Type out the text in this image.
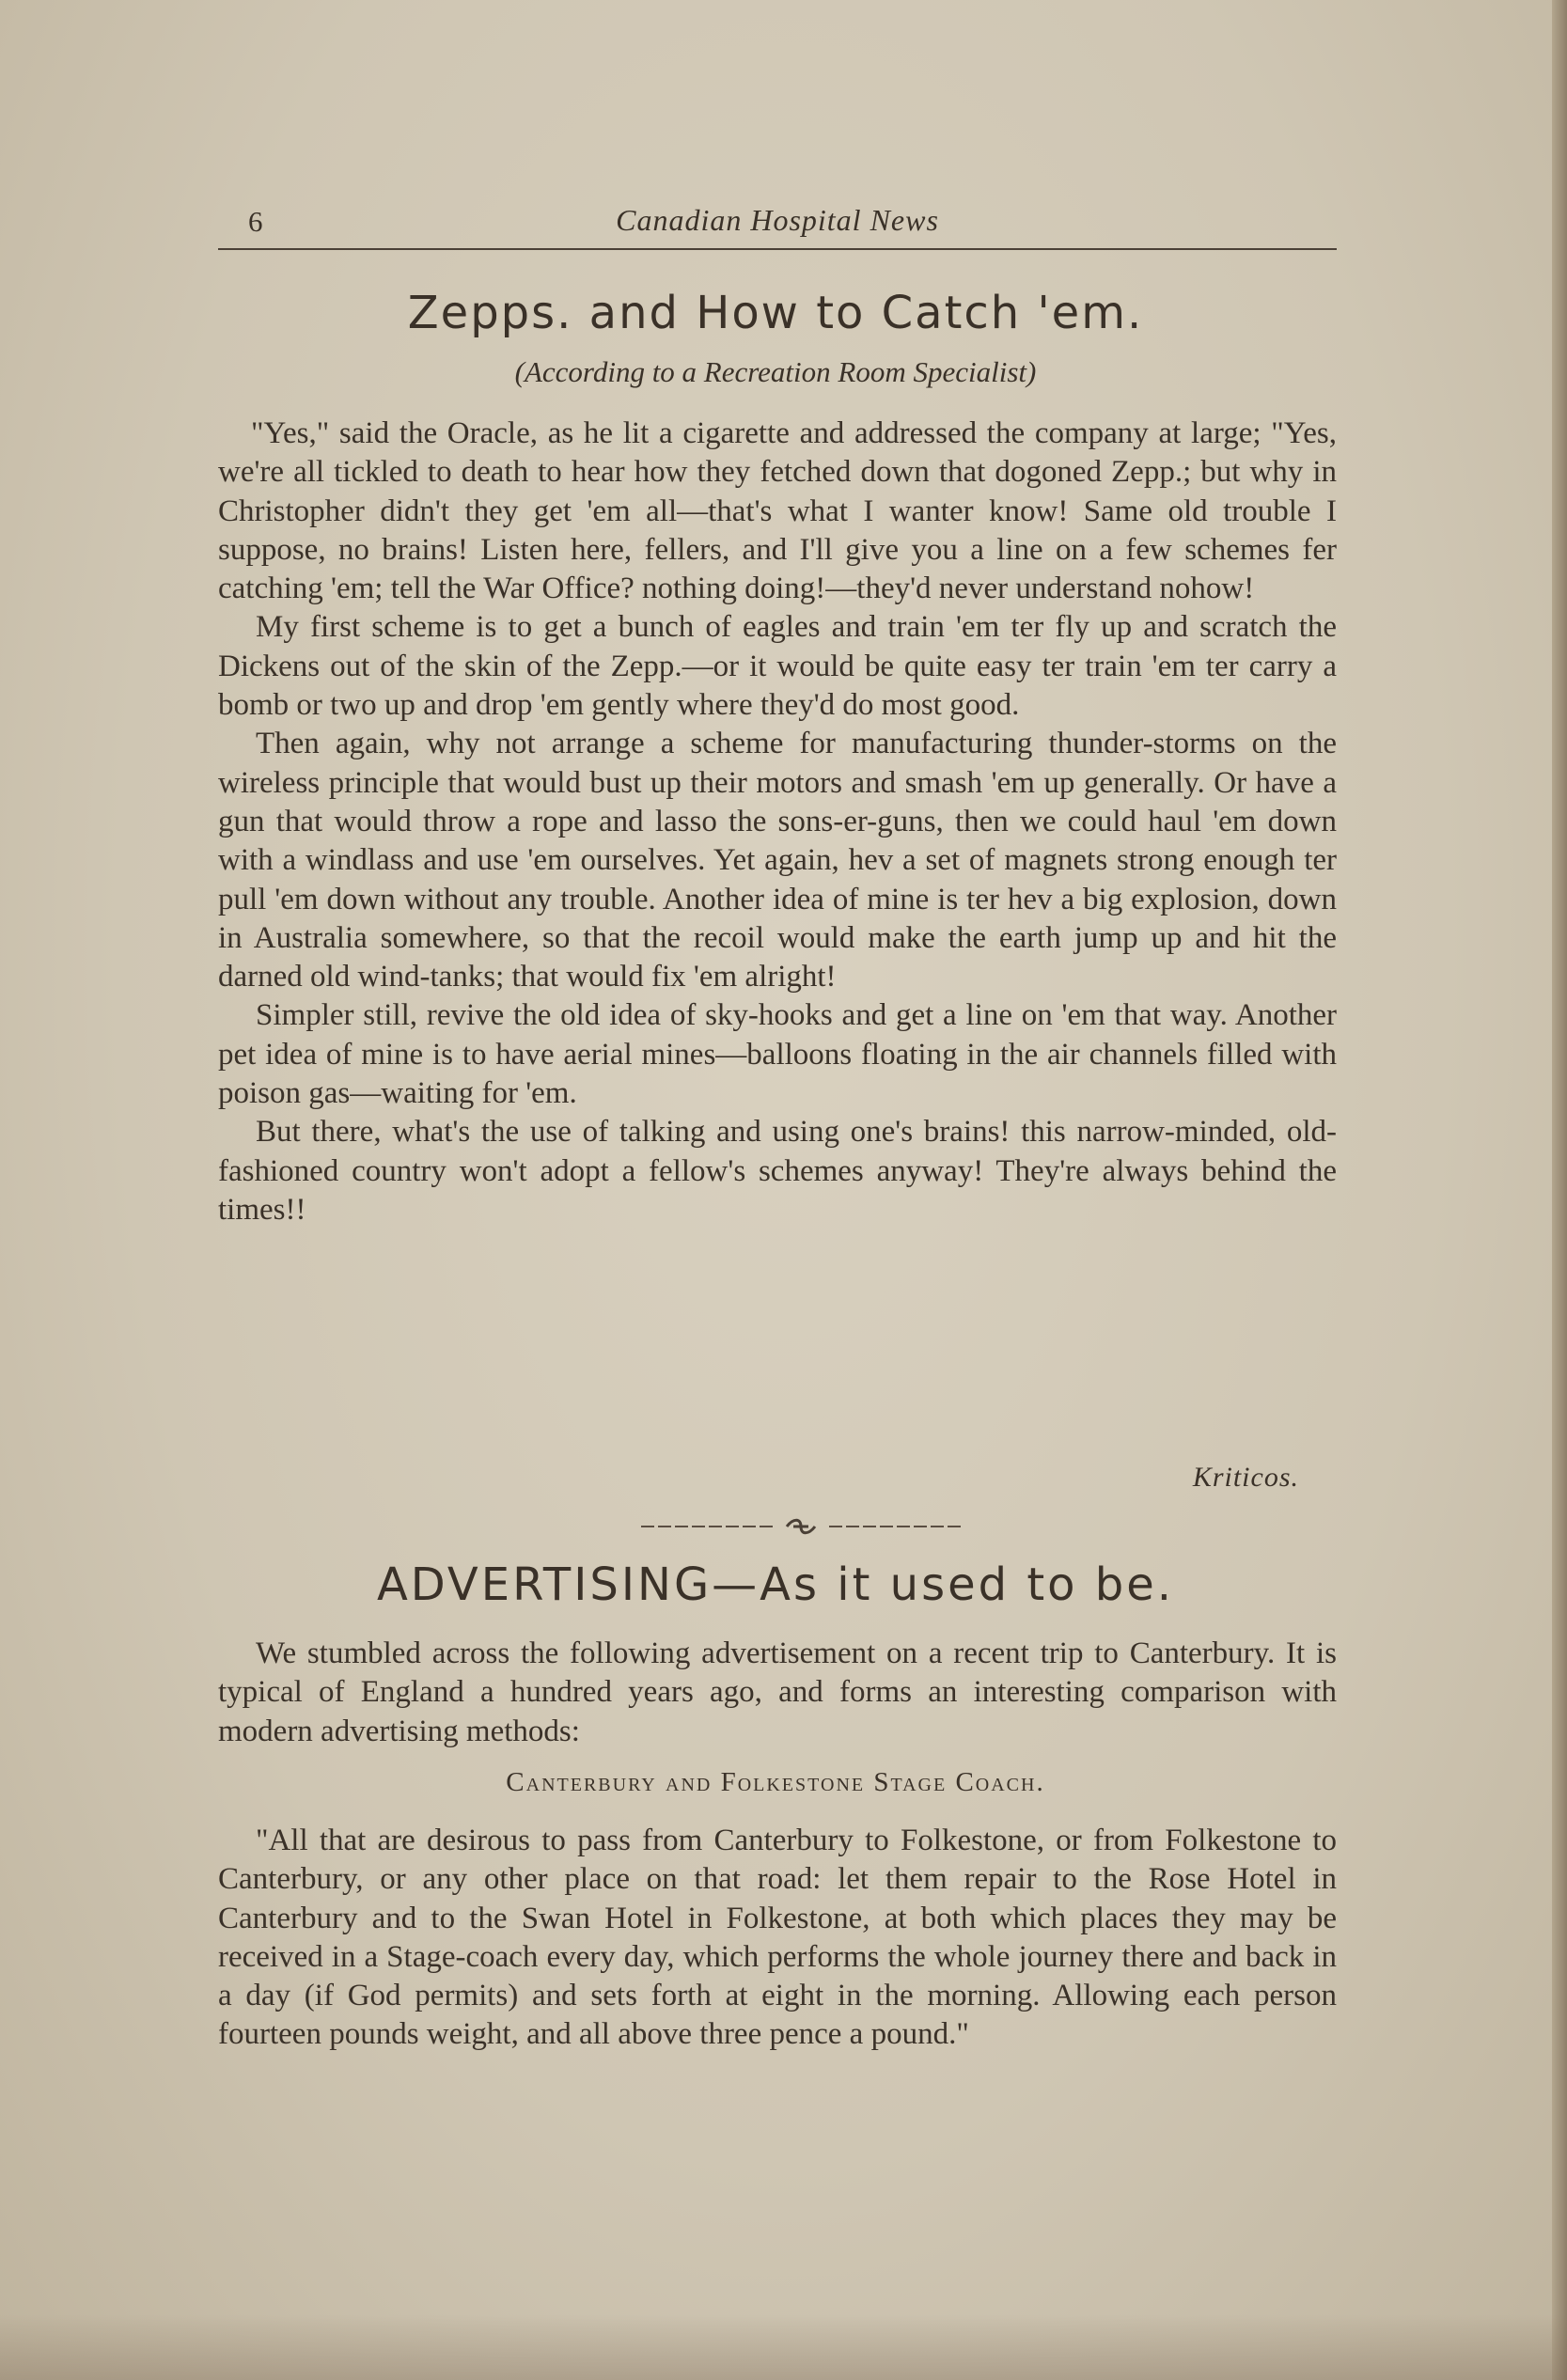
6	Canadian Hospital News
Zepps. and How to Catch 'em.
(According to a Recreation Room Specialist)

"Yes," said the Oracle, as he lit a cigarette and addressed the company at large; "Yes, we're all tickled to death to hear how they fetched down that dogoned Zepp.; but why in Christopher didn't they get 'em all—that's what I wanter know! Same old trouble I suppose, no brains! Listen here, fellers, and I'll give you a line on a few schemes fer catching 'em; tell the War Office? nothing doing!—they'd never understand nohow!

My first scheme is to get a bunch of eagles and train 'em ter fly up and scratch the Dickens out of the skin of the Zepp.—or it would be quite easy ter train 'em ter carry a bomb or two up and drop 'em gently where they'd do most good.

Then again, why not arrange a scheme for manufacturing thunder-storms on the wireless principle that would bust up their motors and smash 'em up generally. Or have a gun that would throw a rope and lasso the sons-er-guns, then we could haul 'em down with a windlass and use 'em ourselves. Yet again, hev a set of magnets strong enough ter pull 'em down without any trouble. Another idea of mine is ter hev a big explosion, down in Australia somewhere, so that the recoil would make the earth jump up and hit the darned old wind-tanks; that would fix 'em alright!

Simpler still, revive the old idea of sky-hooks and get a line on 'em that way. Another pet idea of mine is to have aerial mines—balloons floating in the air channels filled with poison gas—waiting for 'em.

But there, what's the use of talking and using one's brains! this narrow-minded, old-fashioned country won't adopt a fellow's schemes anyway! They're always behind the times!!

Kriticos.
ADVERTISING—As it used to be.

We stumbled across the following advertisement on a recent trip to Canterbury. It is typical of England a hundred years ago, and forms an interesting comparison with modern advertising methods:

Canterbury and Folkestone Stage Coach.

"All that are desirous to pass from Canterbury to Folkestone, or from Folkestone to Canterbury, or any other place on that road: let them repair to the Rose Hotel in Canterbury and to the Swan Hotel in Folkestone, at both which places they may be received in a Stage-coach every day, which performs the whole journey there and back in a day (if God permits) and sets forth at eight in the morning. Allowing each person fourteen pounds weight, and all above three pence a pound."
